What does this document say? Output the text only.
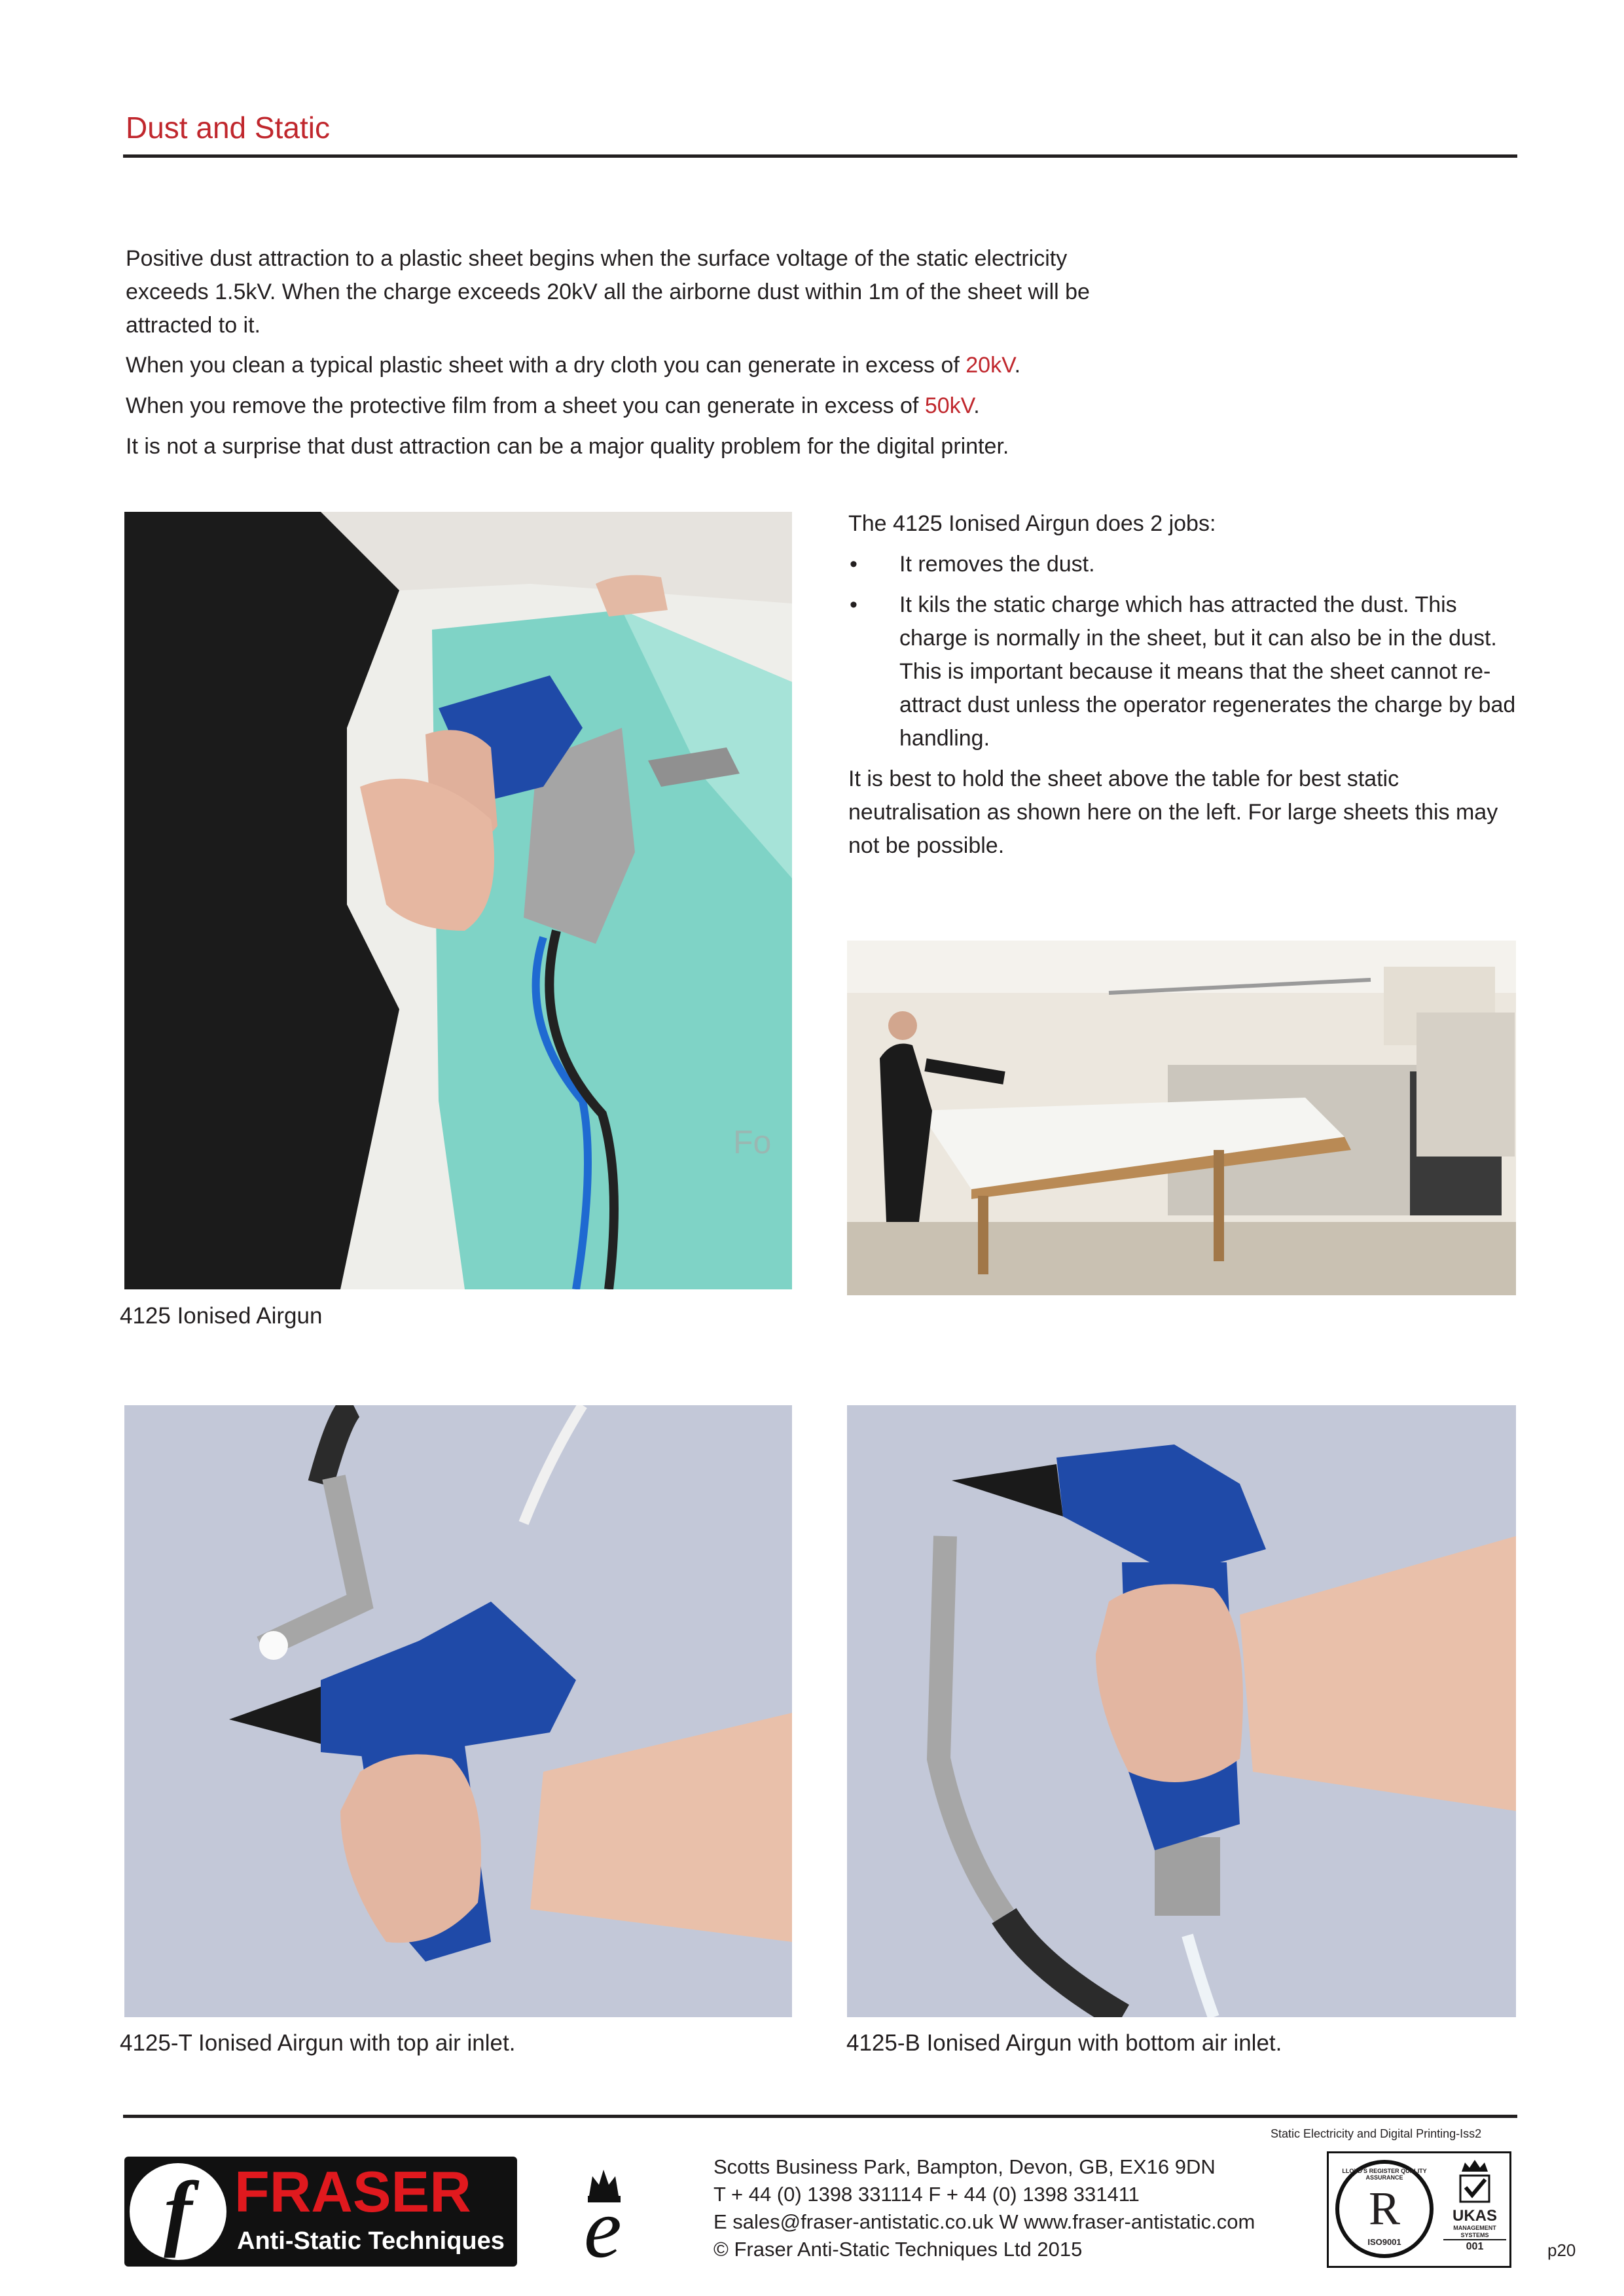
Dust and Static
Positive dust attraction to a plastic sheet begins when the surface voltage of the static electricity exceeds 1.5kV. When the charge exceeds 20kV all the airborne dust within 1m of the sheet will be attracted to it.
When you clean a typical plastic sheet with a dry cloth you can generate in excess of 20kV.
When you remove the protective film from a sheet you can generate in excess of 50kV.
It is not a surprise that dust attraction can be a major quality problem for the digital printer.
Fo
The 4125 Ionised Airgun does 2 jobs:
• It removes the dust.
• It kils the static charge which has attracted the dust. This charge is normally in the sheet, but it can also be in the dust. This is important because it means that the sheet cannot re-attract dust unless the operator regenerates the charge by bad handling.
It is best to hold the sheet above the table for best static neutralisation as shown here on the left. For large sheets this may not be possible.
4125 Ionised Airgun
4125-T Ionised Airgun with top air inlet.	4125-B Ionised Airgun with bottom air inlet.
Static Electricity and Digital Printing-Iss2
f FRASER
Anti-Static Techniques e
Scotts Business Park, Bampton, Devon, GB, EX16 9DN
T + 44 (0) 1398 331114 F + 44 (0) 1398 331411
E sales@fraser-antistatic.co.uk W www.fraser-antistatic.com
© Fraser Anti-Static Techniques Ltd 2015
LLOYD'S REGISTER QUALITY ASSURANCE
R
ISO9001
UKAS
MANAGEMENT
SYSTEMS
001	p20
